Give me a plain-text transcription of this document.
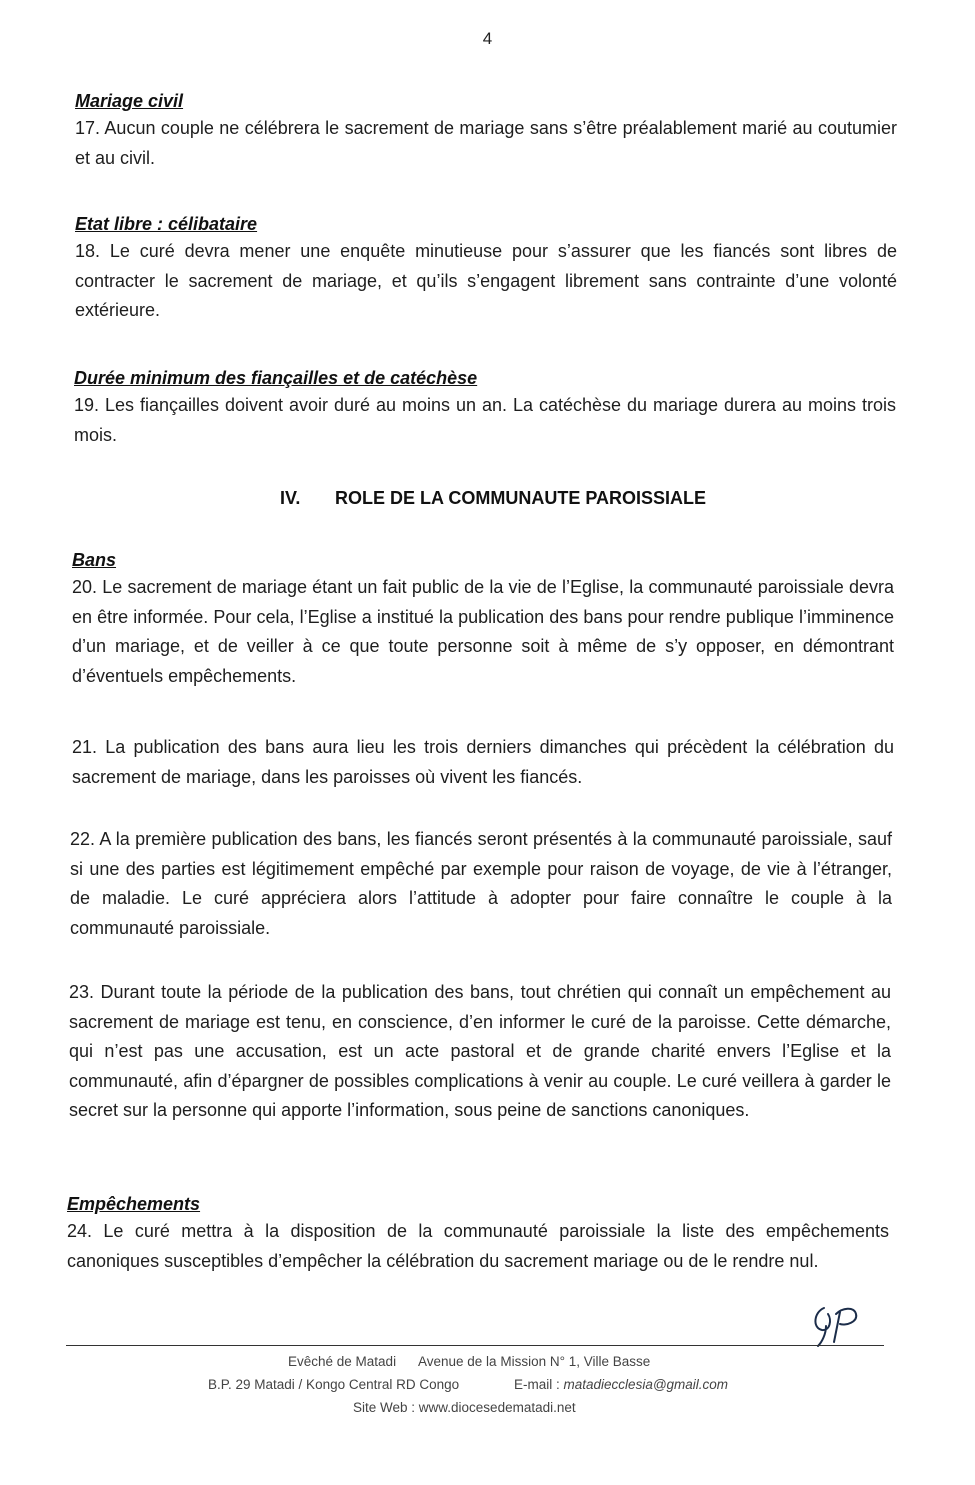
4
Mariage civil
17. Aucun couple ne célébrera le sacrement de mariage sans s’être préalablement marié au coutumier et au civil.
Etat libre : célibataire
18. Le curé devra mener une enquête minutieuse pour s’assurer que les fiancés sont libres de contracter le sacrement de mariage, et qu’ils s’engagent librement sans contrainte d’une volonté extérieure.
Durée minimum des fiançailles et de catéchèse
19. Les fiançailles doivent avoir duré au moins un an. La catéchèse du mariage durera au moins trois mois.
IV. ROLE DE LA COMMUNAUTE PAROISSIALE
Bans
20. Le sacrement de mariage étant un fait public de la vie de l’Eglise, la communauté paroissiale devra en être informée. Pour cela, l’Eglise a institué la publication des bans pour rendre publique l’imminence d’un mariage, et de veiller à ce que toute personne soit à même de s’y opposer, en démontrant d’éventuels empêchements.
21. La publication des bans aura lieu les trois derniers dimanches qui précèdent la célébration du sacrement de mariage, dans les paroisses où vivent les fiancés.
22. A la première publication des bans, les fiancés seront présentés à la communauté paroissiale, sauf si une des parties est légitimement empêché par exemple pour raison de voyage, de vie à l’étranger, de maladie. Le curé appréciera alors l’attitude à adopter pour faire connaître le couple à la communauté paroissiale.
23. Durant toute la période de la publication des bans, tout chrétien qui connaît un empêchement au sacrement de mariage est tenu, en conscience, d’en informer le curé de la paroisse. Cette démarche, qui n’est pas une accusation, est un acte pastoral et de grande charité envers l’Eglise et la communauté, afin d’épargner de possibles complications à venir au couple. Le curé veillera à garder le secret sur la personne qui apporte l’information, sous peine de sanctions canoniques.
Empêchements
24. Le curé mettra à la disposition de la communauté paroissiale la liste des empêchements canoniques susceptibles d’empêcher la célébration du sacrement mariage ou de le rendre nul.
Evêché de Matadi Avenue de la Mission N° 1, Ville Basse
B.P. 29 Matadi / Kongo Central RD Congo	E-mail : matadiecclesia@gmail.com
Site Web : www.diocesedematadi.net
